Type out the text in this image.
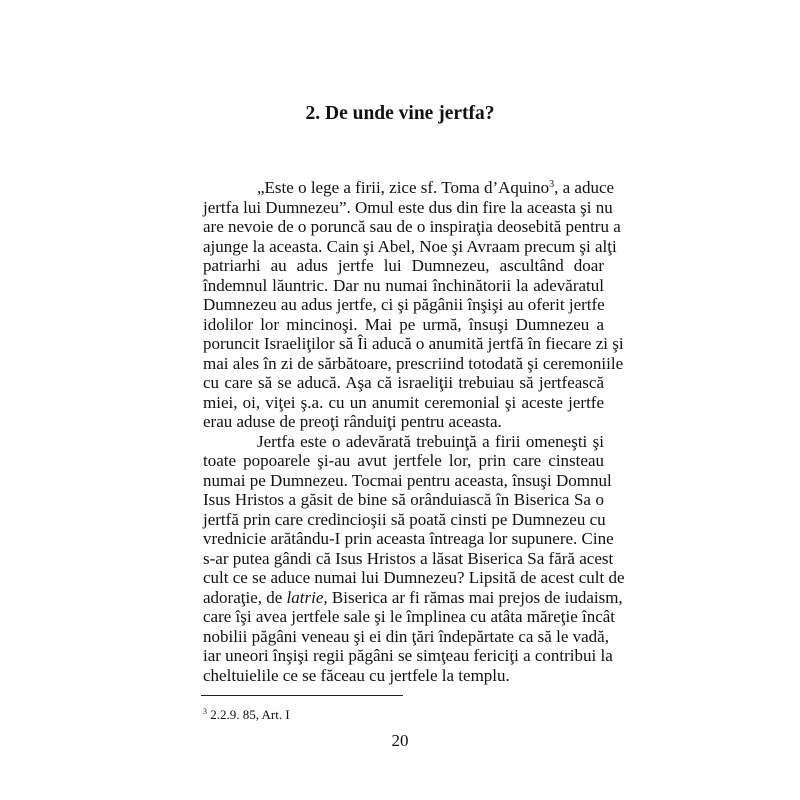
2. De unde vine jertfa?
„Este o lege a firii, zice sf. Toma d’Aquino$^3$, a aduce
jertfa lui Dumnezeu”. Omul este dus din fire la aceasta şi nu
are nevoie de o poruncă sau de o inspiraţia deosebită pentru a
ajunge la aceasta. Cain şi Abel, Noe şi Avraam precum şi alţi
patriarhi au adus jertfe lui Dumnezeu, ascultând doar
îndemnul lăuntric. Dar nu numai închinătorii la adevăratul
Dumnezeu au adus jertfe, ci şi păgânii înşişi au oferit jertfe
idolilor lor mincinoşi. Mai pe urmă, însuşi Dumnezeu a
poruncit Israeliţilor să Îi aducă o anumită jertfă în fiecare zi şi
mai ales în zi de sărbătoare, prescriind totodată şi ceremoniile
cu care să se aducă. Aşa că israeliţii trebuiau să jertfească
miei, oi, viţei ş.a. cu un anumit ceremonial şi aceste jertfe
erau aduse de preoţi rânduiţi pentru aceasta.
Jertfa este o adevărată trebuinţă a firii omeneşti şi
toate popoarele şi-au avut jertfele lor, prin care cinsteau
numai pe Dumnezeu. Tocmai pentru aceasta, însuşi Domnul
Isus Hristos a găsit de bine să orânduiască în Biserica Sa o
jertfă prin care credincioşii să poată cinsti pe Dumnezeu cu
vrednicie arătându-I prin aceasta întreaga lor supunere. Cine
s-ar putea gândi că Isus Hristos a lăsat Biserica Sa fără acest
cult ce se aduce numai lui Dumnezeu? Lipsită de acest cult de
adoraţie, de latrie, Biserica ar fi rămas mai prejos de iudaism,
care îşi avea jertfele sale şi le împlinea cu atâta măreţie încât
nobilii păgâni veneau şi ei din ţări îndepărtate ca să le vadă,
iar uneori înşişi regii păgâni se simţeau fericiţi a contribui la
cheltuielile ce se făceau cu jertfele la templu.
$^3$ 2.2.9. 85, Art. I
20
